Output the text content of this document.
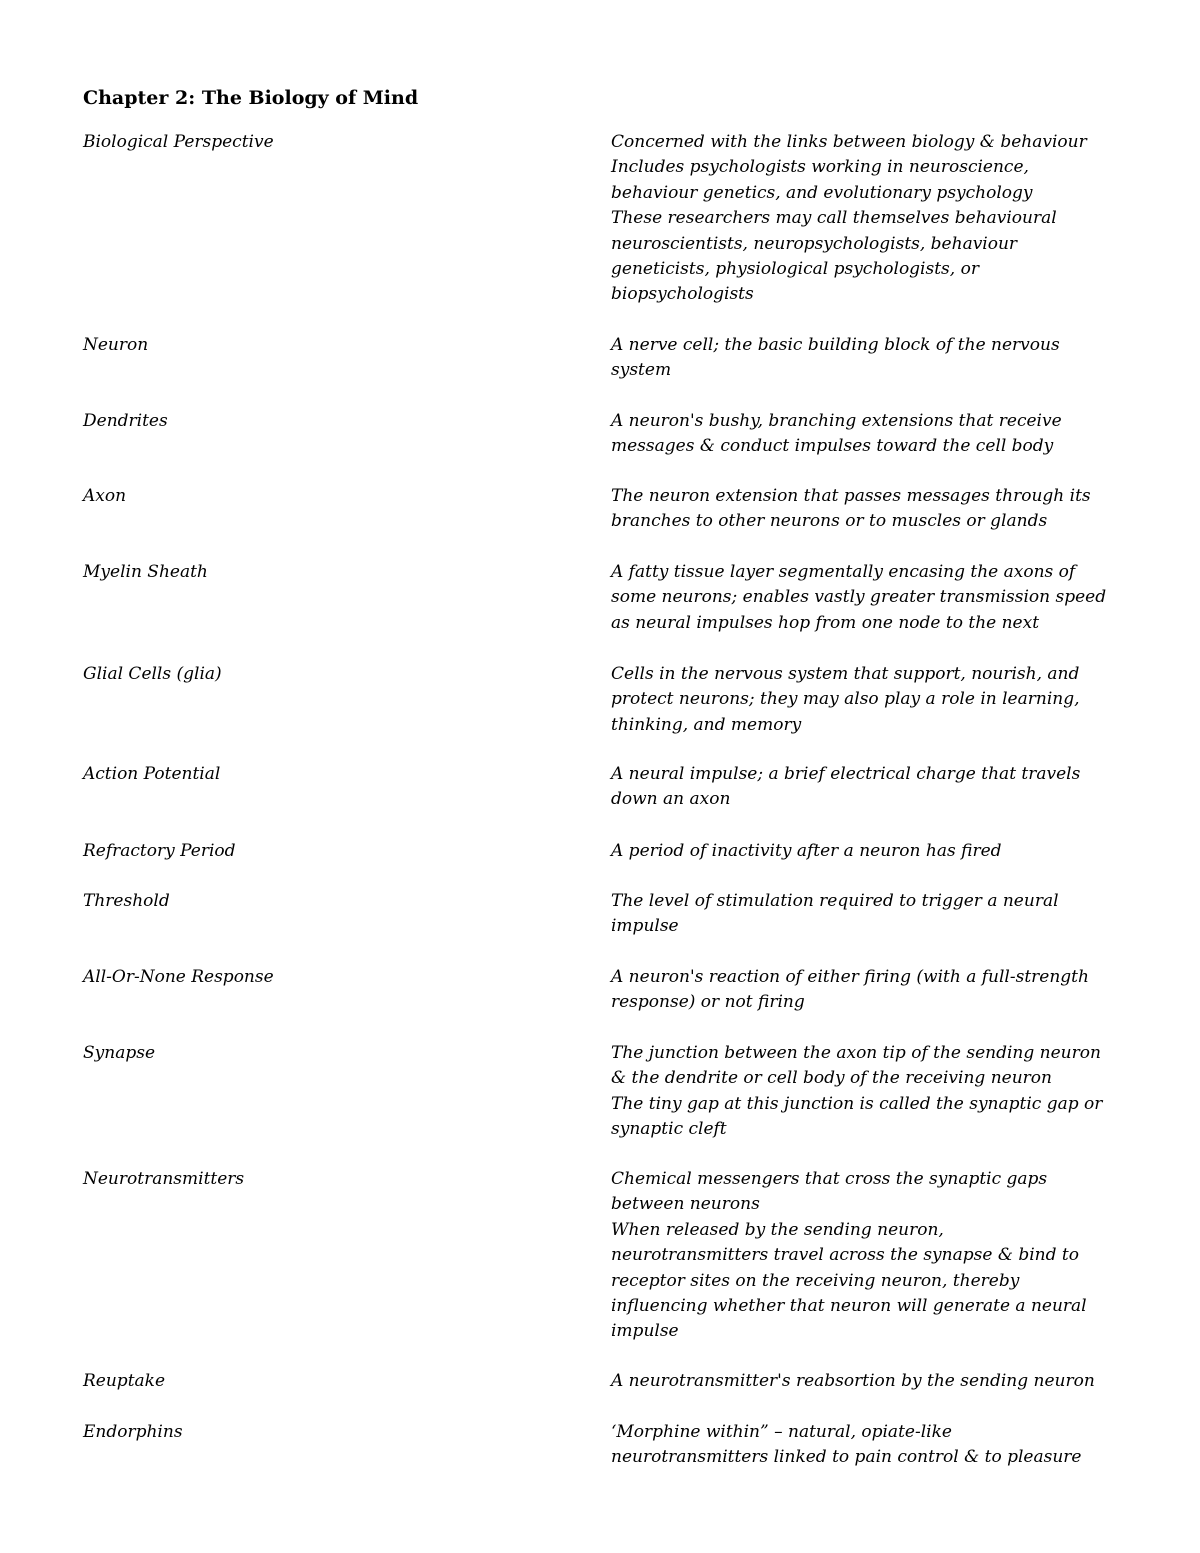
Chapter 2: The Biology of Mind

Biological Perspective	Concerned with the links between biology & behaviour
Includes psychologists working in neuroscience,
behaviour genetics, and evolutionary psychology
These researchers may call themselves behavioural
neuroscientists, neuropsychologists, behaviour
geneticists, physiological psychologists, or
biopsychologists

Neuron	A nerve cell; the basic building block of the nervous
system

Dendrites	A neuron's bushy, branching extensions that receive
messages & conduct impulses toward the cell body

Axon	The neuron extension that passes messages through its
branches to other neurons or to muscles or glands

Myelin Sheath	A fatty tissue layer segmentally encasing the axons of
some neurons; enables vastly greater transmission speed
as neural impulses hop from one node to the next

Glial Cells (glia)	Cells in the nervous system that support, nourish, and
protect neurons; they may also play a role in learning,
thinking, and memory

Action Potential	A neural impulse; a brief electrical charge that travels
down an axon

Refractory Period	A period of inactivity after a neuron has fired

Threshold	The level of stimulation required to trigger a neural
impulse

All-Or-None Response	A neuron's reaction of either firing (with a full-strength
response) or not firing

Synapse	The junction between the axon tip of the sending neuron
& the dendrite or cell body of the receiving neuron
The tiny gap at this junction is called the synaptic gap or
synaptic cleft

Neurotransmitters	Chemical messengers that cross the synaptic gaps
between neurons
When released by the sending neuron,
neurotransmitters travel across the synapse & bind to
receptor sites on the receiving neuron, thereby
influencing whether that neuron will generate a neural
impulse

Reuptake	A neurotransmitter's reabsortion by the sending neuron

Endorphins	‘Morphine within” – natural, opiate-like
neurotransmitters linked to pain control & to pleasure
